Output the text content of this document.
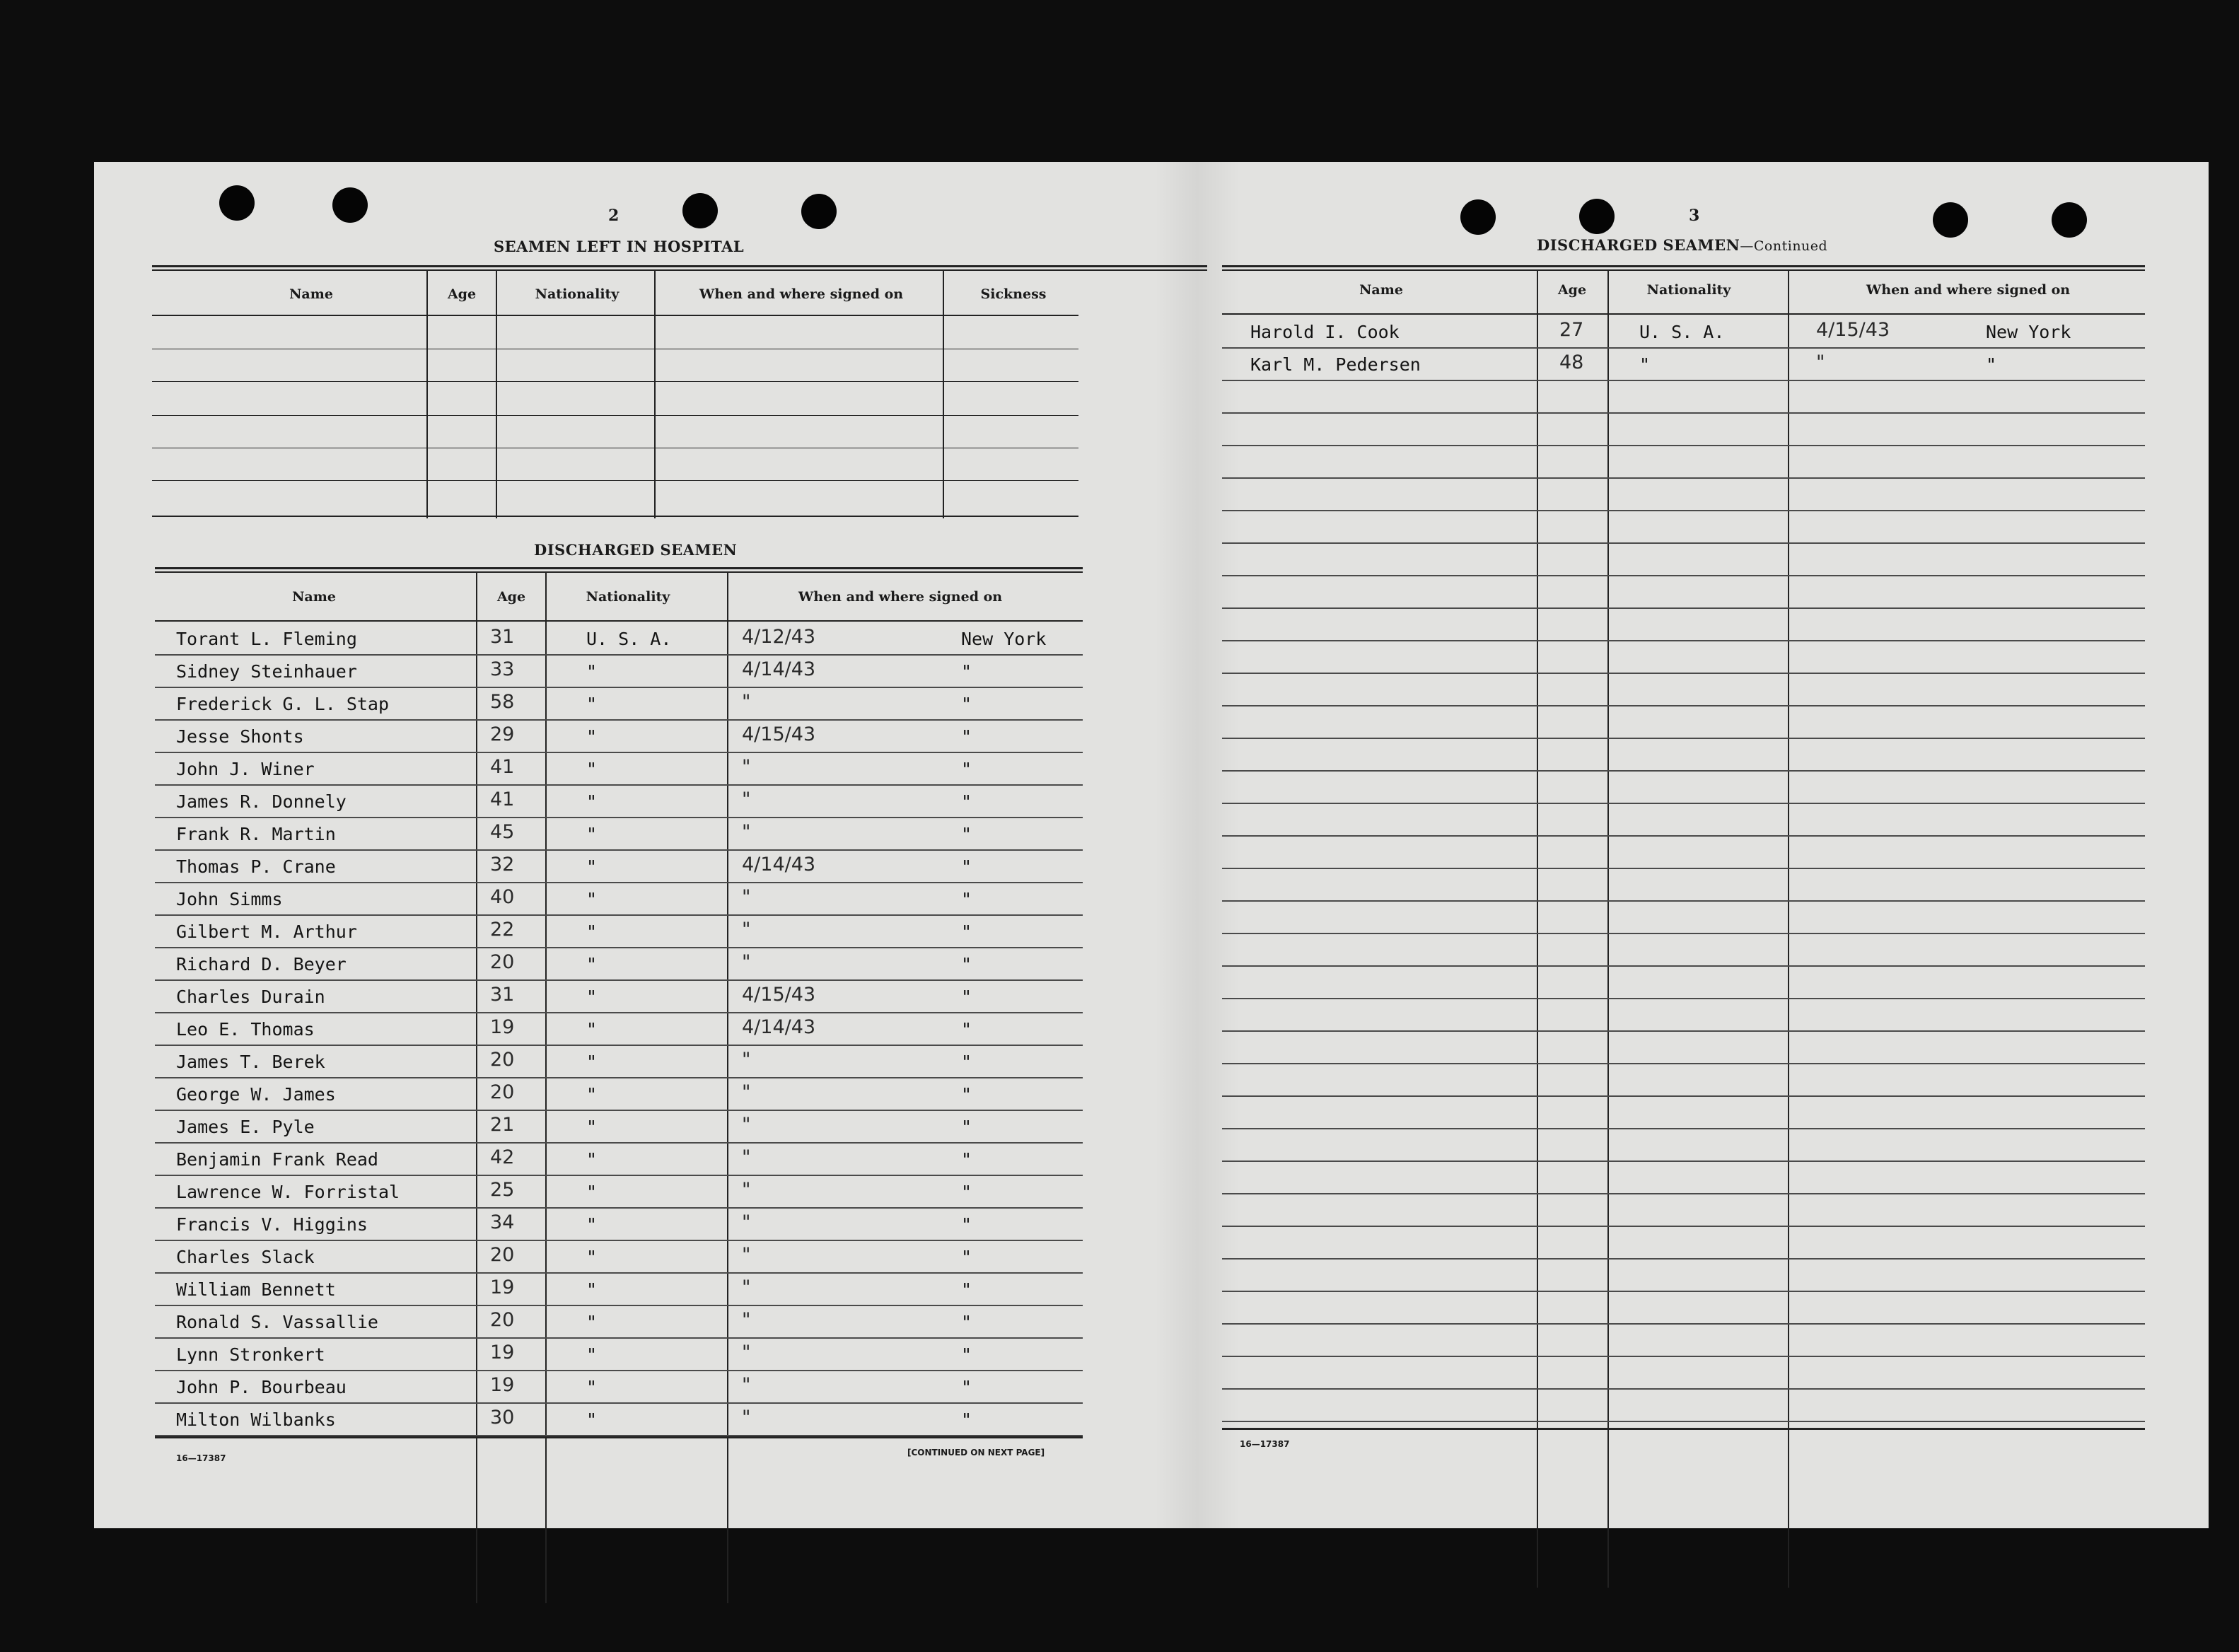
2
SEAMEN LEFT IN HOSPITAL
Name	Age	Nationality	When and where signed on	Sickness
DISCHARGED SEAMEN
Name	Age	Nationality	When and where signed on
Torant L. Fleming	31	U. S. A.	4/12/43	New York
Sidney Steinhauer	33	"	4/14/43	"
Frederick G. L. Stap	58	"	"	"
Jesse Shonts	29	"	4/15/43	"
John J. Winer	41	"	"	"
James R. Donnely	41	"	"	"
Frank R. Martin	45	"	"	"
Thomas P. Crane	32	"	4/14/43	"
John Simms	40	"	"	"
Gilbert M. Arthur	22	"	"	"
Richard D. Beyer	20	"	"	"
Charles Durain	31	"	4/15/43	"
Leo E. Thomas	19	"	4/14/43	"
James T. Berek	20	"	"	"
George W. James	20	"	"	"
James E. Pyle	21	"	"	"
Benjamin Frank Read	42	"	"	"
Lawrence W. Forristal	25	"	"	"
Francis V. Higgins	34	"	"	"
Charles Slack	20	"	"	"
William Bennett	19	"	"	"
Ronald S. Vassallie	20	"	"	"
Lynn Stronkert	19	"	"	"
John P. Bourbeau	19	"	"	"
Milton Wilbanks	30	"	"	"
16—17387
[CONTINUED ON NEXT PAGE]
3
DISCHARGED SEAMEN—Continued
Name	Age	Nationality	When and where signed on
Harold I. Cook	27	U. S. A.	4/15/43	New York
Karl M. Pedersen	48	"	"	"
16—17387
